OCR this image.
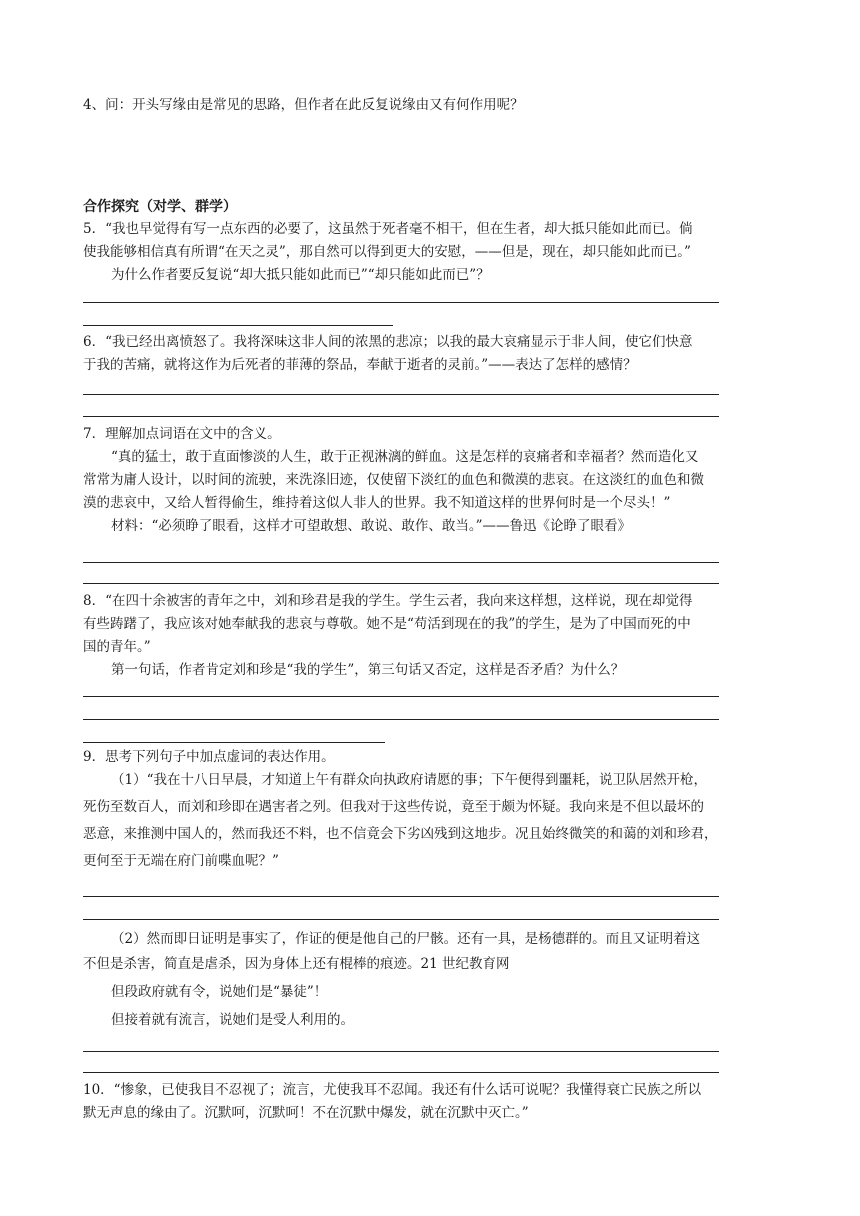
4、问：开头写缘由是常见的思路，但作者在此反复说缘由又有何作用呢？
合作探究（对学、群学）
5．“我也早觉得有写一点东西的必要了，这虽然于死者毫不相干，但在生者，却大抵只能如此而已。倘
使我能够相信真有所谓“在天之灵”，那自然可以得到更大的安慰，——但是，现在，却只能如此而已。”
为什么作者要反复说“却大抵只能如此而已”“却只能如此而已”？
6．“我已经出离愤怒了。我将深味这非人间的浓黑的悲凉；以我的最大哀痛显示于非人间，使它们快意
于我的苦痛，就将这作为后死者的菲薄的祭品，奉献于逝者的灵前。”——表达了怎样的感情？
7．理解加点词语在文中的含义。
“真的猛士，敢于直面惨淡的人生，敢于正视淋漓的鲜血。这是怎样的哀痛者和幸福者？然而造化又
常常为庸人设计，以时间的流驶，来洗涤旧迹，仅使留下淡红的血色和微漠的悲哀。在这淡红的血色和微
漠的悲哀中，又给人暂得偷生，维持着这似人非人的世界。我不知道这样的世界何时是一个尽头！”
材料：“必须睁了眼看，这样才可望敢想、敢说、敢作、敢当。”——鲁迅《论睁了眼看》
8．“在四十余被害的青年之中，刘和珍君是我的学生。学生云者，我向来这样想，这样说，现在却觉得
有些踌躇了，我应该对她奉献我的悲哀与尊敬。她不是“苟活到现在的我”的学生，是为了中国而死的中
国的青年。”
第一句话，作者肯定刘和珍是“我的学生”，第三句话又否定，这样是否矛盾？为什么？
9．思考下列句子中加点虚词的表达作用。
（1）“我在十八日早晨，才知道上午有群众向执政府请愿的事；下午便得到噩耗，说卫队居然开枪，
死伤至数百人，而刘和珍即在遇害者之列。但我对于这些传说，竟至于颇为怀疑。我向来是不但以最坏的
恶意，来推测中国人的，然而我还不料，也不信竟会下劣凶残到这地步。况且始终微笑的和蔼的刘和珍君，
更何至于无端在府门前喋血呢？”
（2）然而即日证明是事实了，作证的便是他自己的尸骸。还有一具，是杨德群的。而且又证明着这
不但是杀害，简直是虐杀，因为身体上还有棍棒的痕迹。21 世纪教育网
但段政府就有令，说她们是“暴徒”！
但接着就有流言，说她们是受人利用的。
10．“惨象，已使我目不忍视了；流言，尤使我耳不忍闻。我还有什么话可说呢？我懂得衰亡民族之所以
默无声息的缘由了。沉默呵，沉默呵！不在沉默中爆发，就在沉默中灭亡。”
